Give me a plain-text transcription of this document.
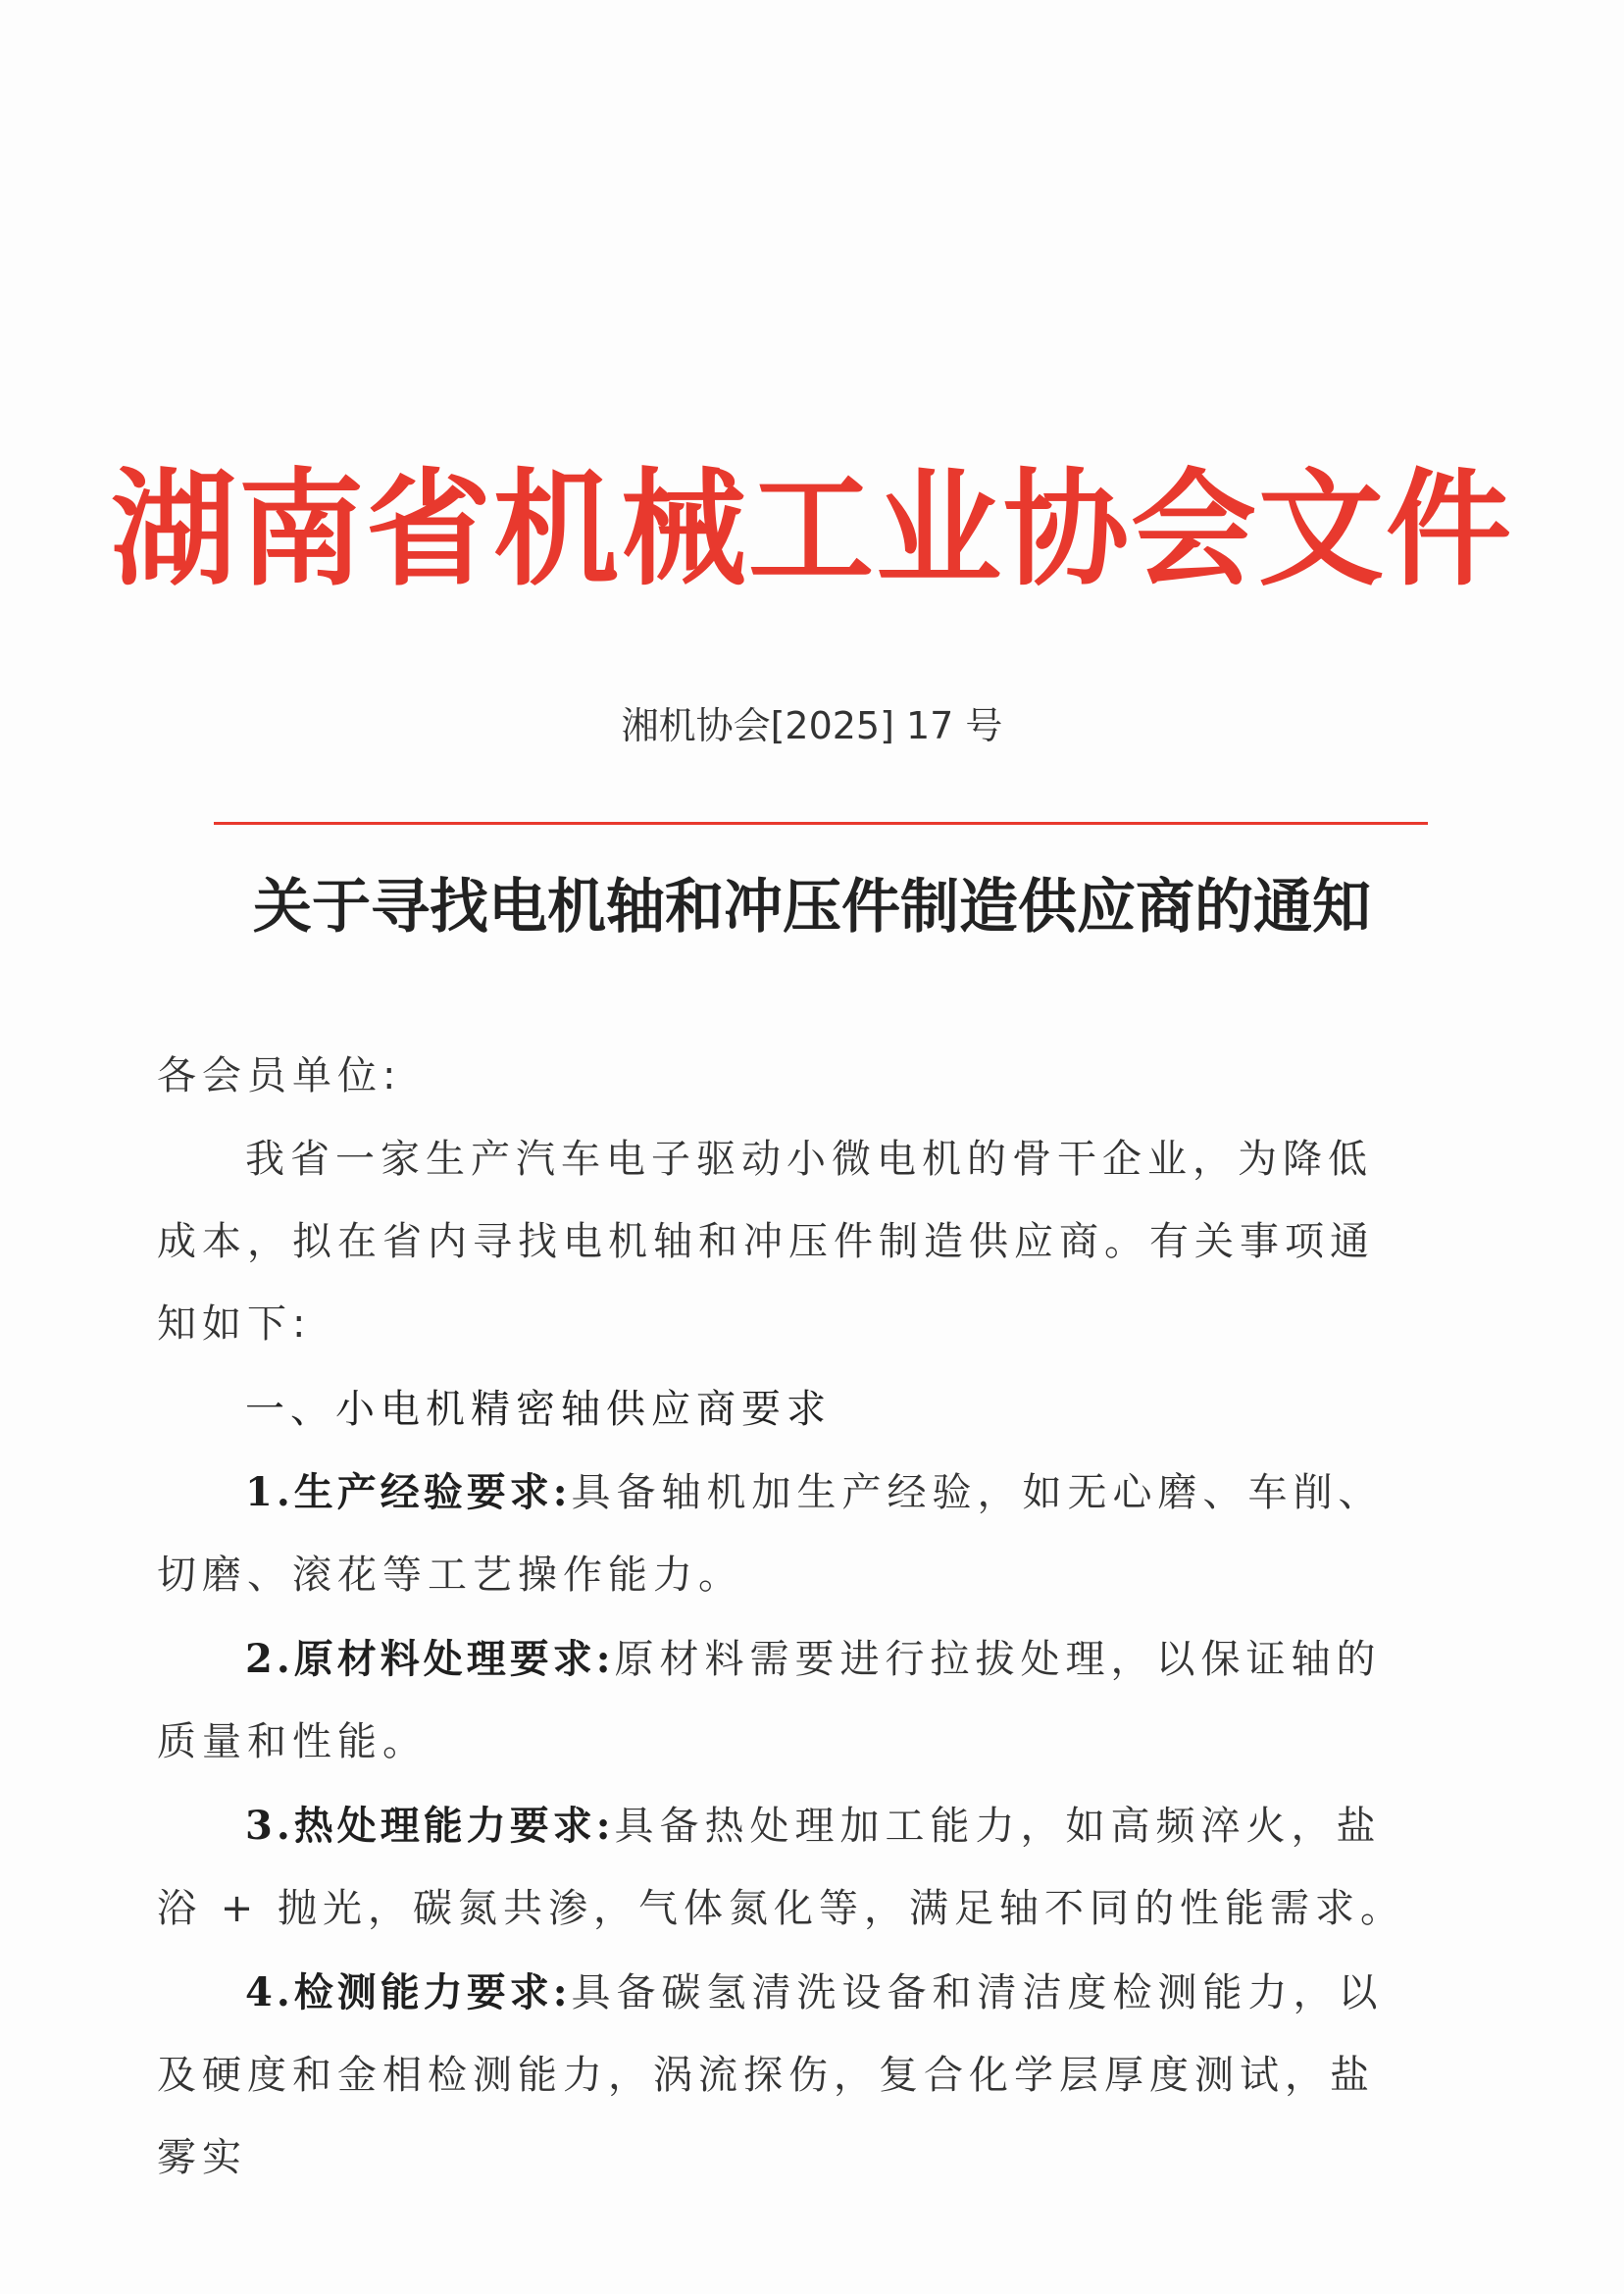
湖南省机械工业协会文件
湘机协会[2025] 17 号
关于寻找电机轴和冲压件制造供应商的通知
各会员单位:
我省一家生产汽车电子驱动小微电机的骨干企业，为降低成本，拟在省内寻找电机轴和冲压件制造供应商。有关事项通知如下:
一、小电机精密轴供应商要求
1.生产经验要求:具备轴机加生产经验，如无心磨、车削、切磨、滚花等工艺操作能力。
2.原材料处理要求:原材料需要进行拉拔处理，以保证轴的质量和性能。
3.热处理能力要求:具备热处理加工能力，如高频淬火，盐浴 + 抛光，碳氮共渗，气体氮化等，满足轴不同的性能需求。
4.检测能力要求:具备碳氢清洗设备和清洁度检测能力，以及硬度和金相检测能力，涡流探伤，复合化学层厚度测试，盐雾实
